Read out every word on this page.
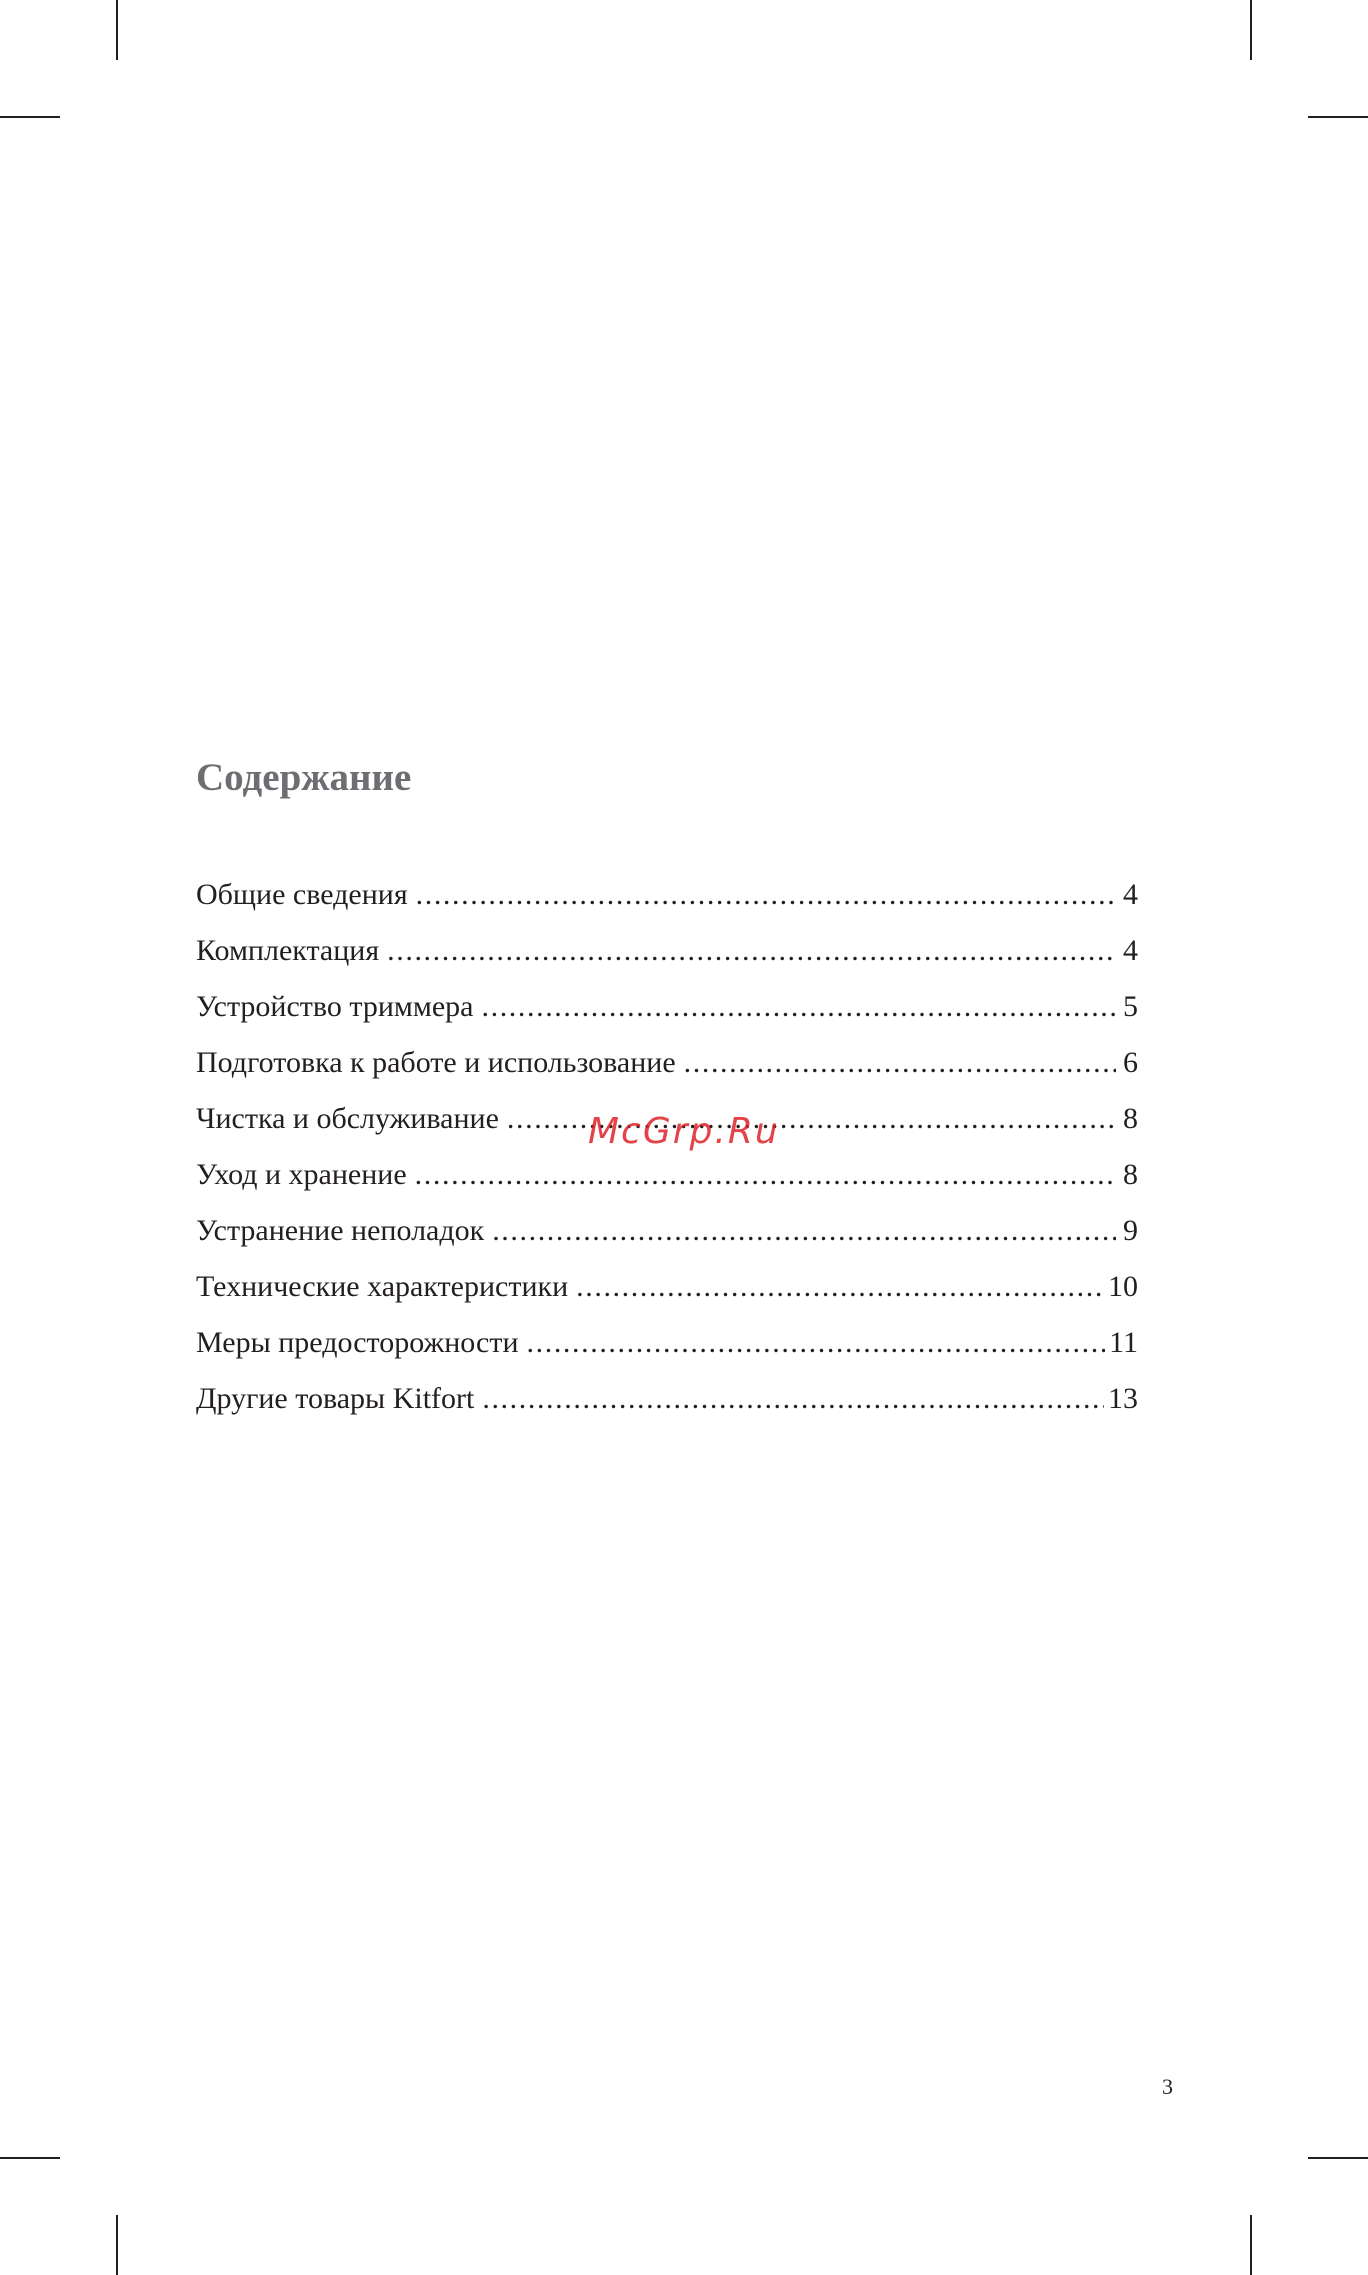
Содержание
Общие сведения .....	4
Комплектация .....	4
Устройство триммера .....	5
Подготовка к работе и использование .....	6
Чистка и обслуживание .....	8
Уход и хранение .....	8
Устранение неполадок .....	9
Технические характеристики .....	10
Меры предосторожности .....	11
Другие товары Kitfort .....	13
McGrp.Ru
3
